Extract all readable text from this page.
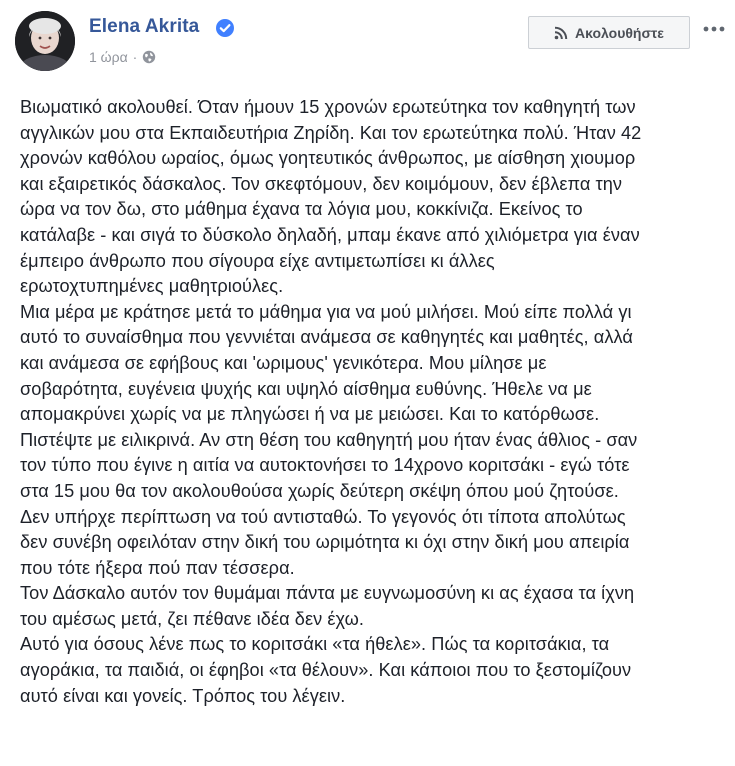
Elena Akrita
1 ώρα ·
Ακολουθήστε
Βιωματικό ακολουθεί. Όταν ήμουν 15 χρονών ερωτεύτηκα τον καθηγητή των
αγγλικών μου στα Εκπαιδευτήρια Ζηρίδη. Και τον ερωτεύτηκα πολύ. Ήταν 42
χρονών καθόλου ωραίος, όμως γοητευτικός άνθρωπος, με αίσθηση χιουμορ
και εξαιρετικός δάσκαλος. Τον σκεφτόμουν, δεν κοιμόμουν, δεν έβλεπα την
ώρα να τον δω, στο μάθημα έχανα τα λόγια μου, κοκκίνιζα. Εκείνος το
κατάλαβε - και σιγά το δύσκολο δηλαδή, μπαμ έκανε από χιλιόμετρα για έναν
έμπειρο άνθρωπο που σίγουρα είχε αντιμετωπίσει κι άλλες
ερωτοχτυπημένες μαθητριούλες.
Μια μέρα με κράτησε μετά το μάθημα για να μού μιλήσει. Μού είπε πολλά γι
αυτό το συναίσθημα που γεννιέται ανάμεσα σε καθηγητές και μαθητές, αλλά
και ανάμεσα σε εφήβους και 'ωριμους' γενικότερα. Μου μίλησε με
σοβαρότητα, ευγένεια ψυχής και υψηλό αίσθημα ευθύνης. Ήθελε να με
απομακρύνει χωρίς να με πληγώσει ή να με μειώσει. Και το κατόρθωσε.
Πιστέψτε με ειλικρινά. Αν στη θέση του καθηγητή μου ήταν ένας άθλιος - σαν
τον τύπο που έγινε η αιτία να αυτοκτονήσει το 14χρονο κοριτσάκι - εγώ τότε
στα 15 μου θα τον ακολουθούσα χωρίς δεύτερη σκέψη όπου μού ζητούσε.
Δεν υπήρχε περίπτωση να τού αντισταθώ. Το γεγονός ότι τίποτα απολύτως
δεν συνέβη οφειλόταν στην δική του ωριμότητα κι όχι στην δική μου απειρία
που τότε ήξερα πού παν τέσσερα.
Τον Δάσκαλο αυτόν τον θυμάμαι πάντα με ευγνωμοσύνη κι ας έχασα τα ίχνη
του αμέσως μετά, ζει πέθανε ιδέα δεν έχω.
Αυτό για όσους λένε πως το κοριτσάκι «τα ήθελε». Πώς τα κοριτσάκια, τα
αγοράκια, τα παιδιά, οι έφηβοι «τα θέλουν». Και κάποιοι που το ξεστομίζουν
αυτό είναι και γονείς. Τρόπος του λέγειν.
